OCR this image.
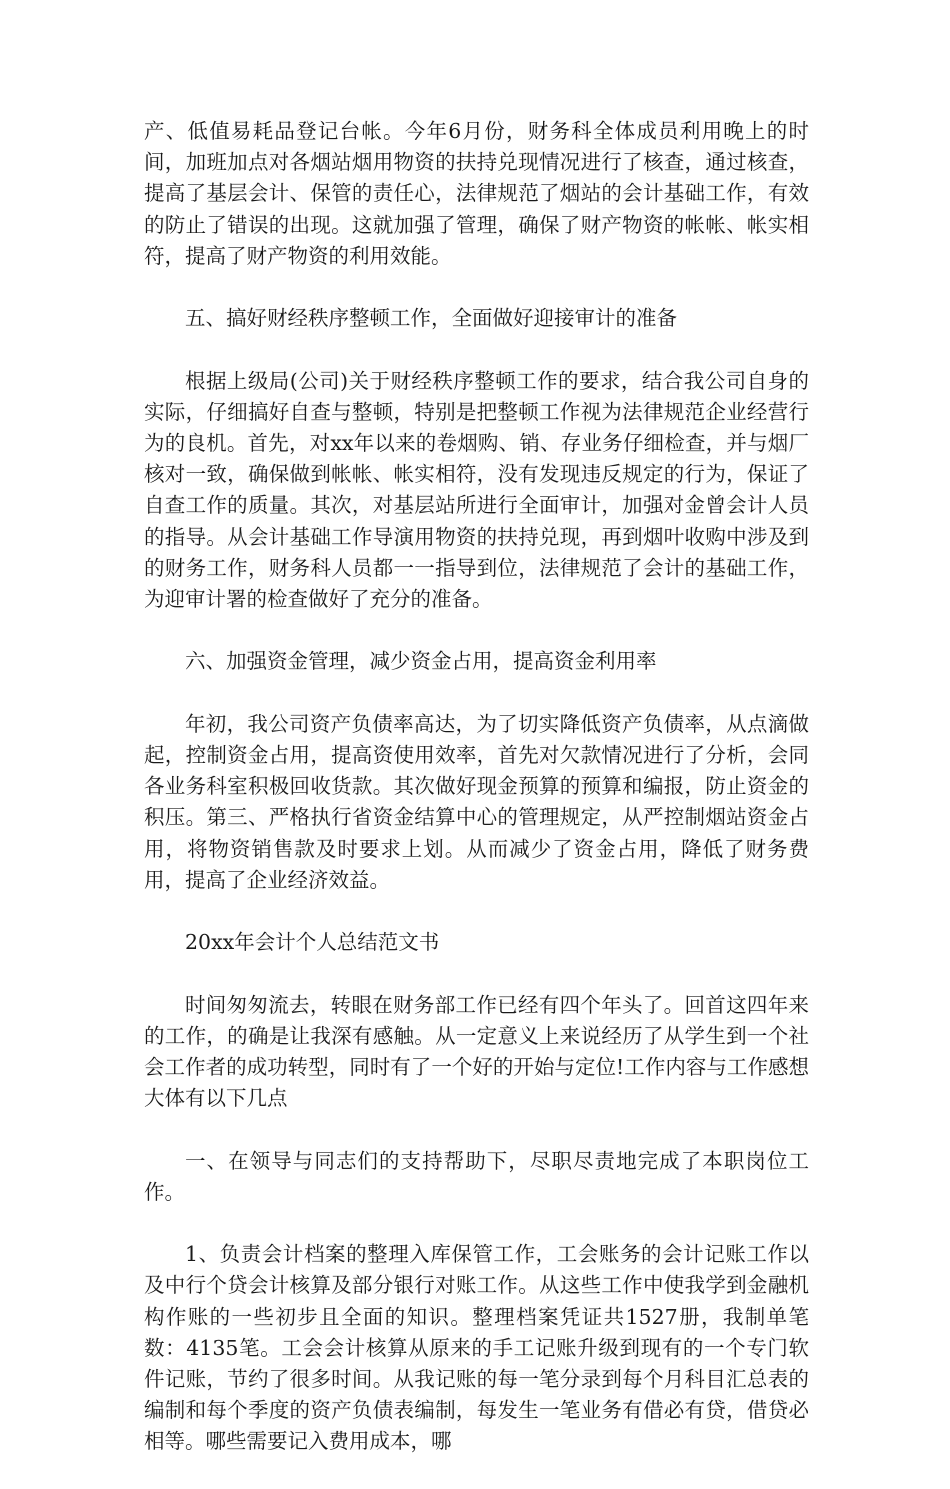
产、低值易耗品登记台帐。今年6月份，财务科全体成员利用晚上的时间，加班加点对各烟站烟用物资的扶持兑现情况进行了核查，通过核查，提高了基层会计、保管的责任心，法律规范了烟站的会计基础工作，有效的防止了错误的出现。这就加强了管理，确保了财产物资的帐帐、帐实相符，提高了财产物资的利用效能。

五、搞好财经秩序整顿工作，全面做好迎接审计的准备

根据上级局(公司)关于财经秩序整顿工作的要求，结合我公司自身的实际，仔细搞好自查与整顿，特别是把整顿工作视为法律规范企业经营行为的良机。首先，对xx年以来的卷烟购、销、存业务仔细检查，并与烟厂核对一致，确保做到帐帐、帐实相符，没有发现违反规定的行为，保证了自查工作的质量。其次，对基层站所进行全面审计，加强对金曾会计人员的指导。从会计基础工作导演用物资的扶持兑现，再到烟叶收购中涉及到的财务工作，财务科人员都一一指导到位，法律规范了会计的基础工作，为迎审计署的检查做好了充分的准备。

六、加强资金管理，减少资金占用，提高资金利用率

年初，我公司资产负债率高达，为了切实降低资产负债率，从点滴做起，控制资金占用，提高资使用效率，首先对欠款情况进行了分析，会同各业务科室积极回收货款。其次做好现金预算的预算和编报，防止资金的积压。第三、严格执行省资金结算中心的管理规定，从严控制烟站资金占用，将物资销售款及时要求上划。从而减少了资金占用，降低了财务费用，提高了企业经济效益。

20xx年会计个人总结范文书

时间匆匆流去，转眼在财务部工作已经有四个年头了。回首这四年来的工作，的确是让我深有感触。从一定意义上来说经历了从学生到一个社会工作者的成功转型，同时有了一个好的开始与定位!工作内容与工作感想大体有以下几点

一、在领导与同志们的支持帮助下，尽职尽责地完成了本职岗位工作。

1、负责会计档案的整理入库保管工作，工会账务的会计记账工作以及中行个贷会计核算及部分银行对账工作。从这些工作中使我学到金融机构作账的一些初步且全面的知识。整理档案凭证共1527册，我制单笔数：4135笔。工会会计核算从原来的手工记账升级到现有的一个专门软件记账，节约了很多时间。从我记账的每一笔分录到每个月科目汇总表的编制和每个季度的资产负债表编制，每发生一笔业务有借必有贷，借贷必相等。哪些需要记入费用成本，哪
